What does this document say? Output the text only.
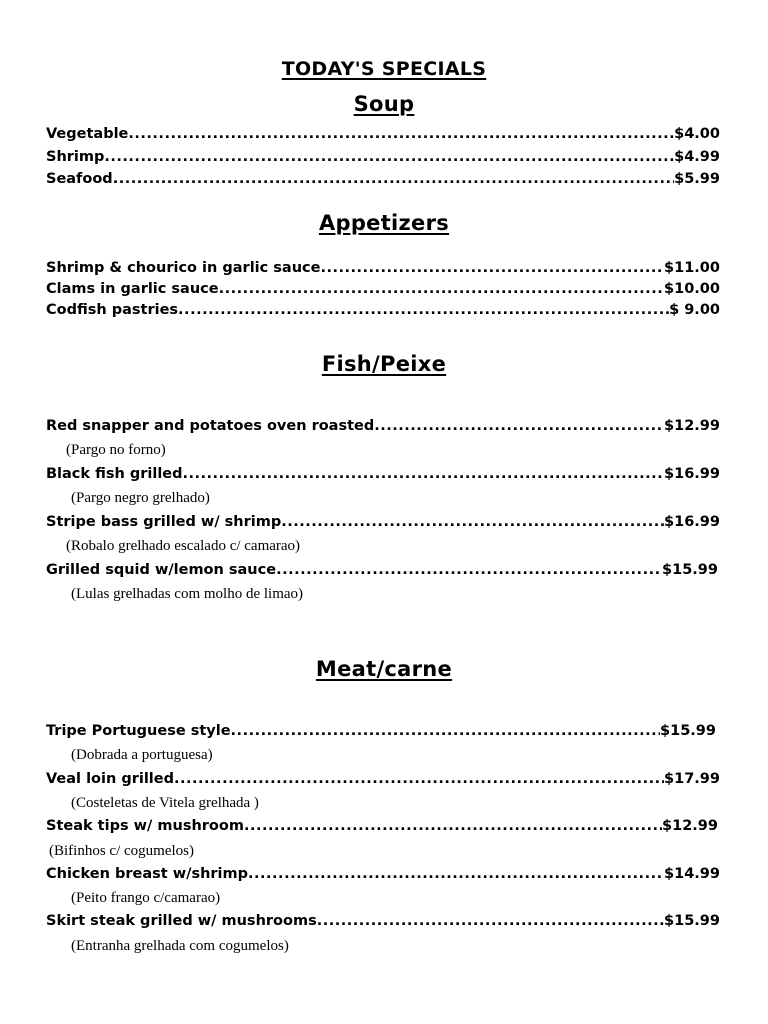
TODAY'S SPECIALS
Soup
Vegetable .....	$4.00
Shrimp .....	$4.99
Seafood .....	$5.99
Appetizers
Shrimp & chourico in garlic sauce .....	$11.00
Clams in garlic sauce .....	$10.00
Codfish pastries .....	$ 9.00
Fish/Peixe
Red snapper and potatoes oven roasted .....	$12.99
(Pargo no forno)
Black fish grilled .....	$16.99
(Pargo negro grelhado)
Stripe bass grilled w/ shrimp .....	$16.99
(Robalo grelhado escalado c/ camarao)
Grilled squid w/lemon sauce .....	$15.99
(Lulas grelhadas com molho de limao)
Meat/carne
Tripe Portuguese style .....	$15.99
(Dobrada a portuguesa)
Veal loin grilled .....	$17.99
(Costeletas de Vitela grelhada )
Steak tips w/ mushroom .....	$12.99
(Bifinhos c/ cogumelos)
Chicken breast w/shrimp .....	$14.99
(Peito frango c/camarao)
Skirt steak grilled w/ mushrooms .....	$15.99
(Entranha grelhada com cogumelos)
